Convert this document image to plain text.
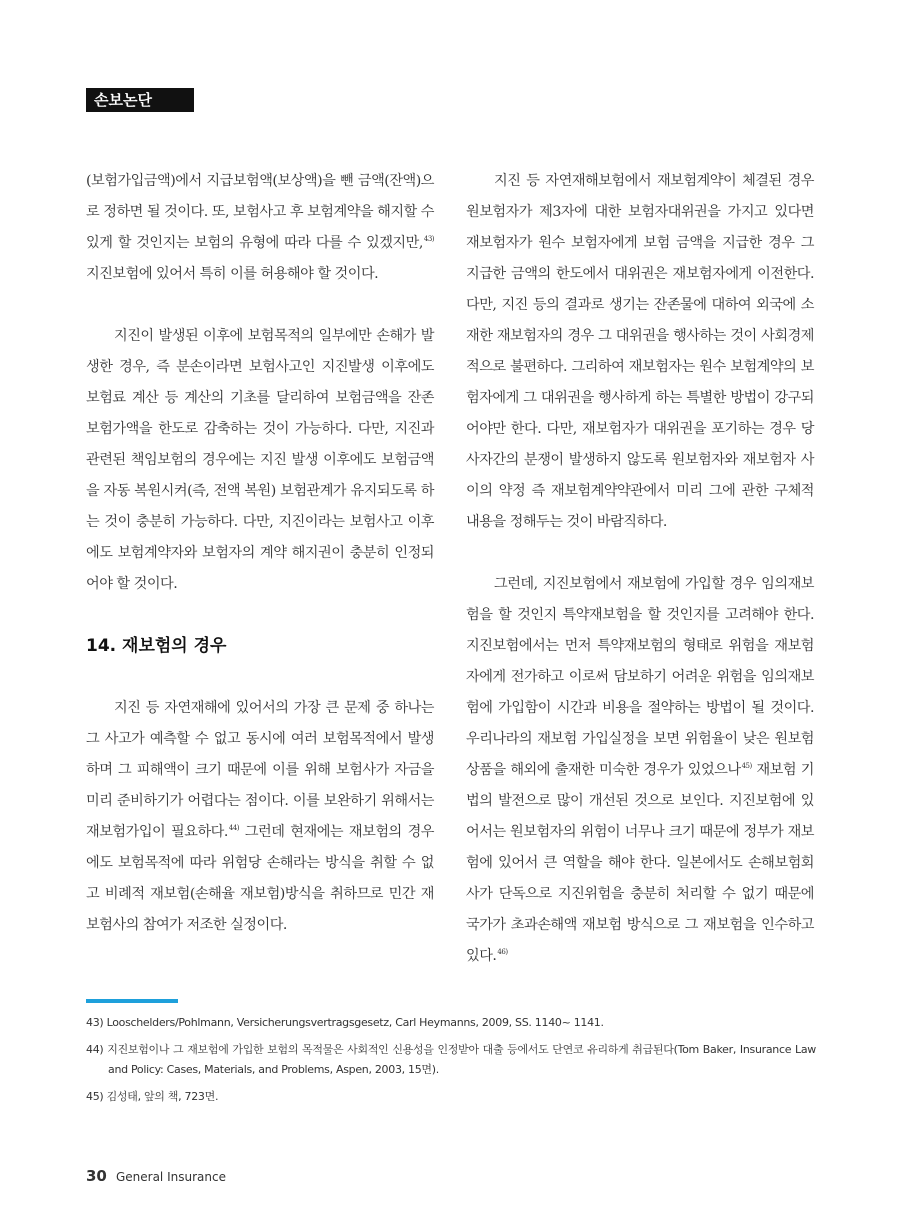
손보논단

(보험가입금액)에서 지급보험액(보상액)을 뺀 금액(잔액)으로 정하면 될 것이다. 또, 보험사고 후 보험계약을 해지할 수 있게 할 것인지는 보험의 유형에 따라 다를 수 있겠지만,$^{43)}$ 지진보험에 있어서 특히 이를 허용해야 할 것이다.

지진이 발생된 이후에 보험목적의 일부에만 손해가 발생한 경우, 즉 분손이라면 보험사고인 지진발생 이후에도 보험료 계산 등 계산의 기초를 달리하여 보험금액을 잔존 보험가액을 한도로 감축하는 것이 가능하다. 다만, 지진과 관련된 책임보험의 경우에는 지진 발생 이후에도 보험금액을 자동 복원시켜(즉, 전액 복원) 보험관계가 유지되도록 하는 것이 충분히 가능하다. 다만, 지진이라는 보험사고 이후에도 보험계약자와 보험자의 계약 해지권이 충분히 인정되어야 할 것이다.

14. 재보험의 경우

지진 등 자연재해에 있어서의 가장 큰 문제 중 하나는 그 사고가 예측할 수 없고 동시에 여러 보험목적에서 발생하며 그 피해액이 크기 때문에 이를 위해 보험사가 자금을 미리 준비하기가 어렵다는 점이다. 이를 보완하기 위해서는 재보험가입이 필요하다.$^{44)}$ 그런데 현재에는 재보험의 경우에도 보험목적에 따라 위험당 손해라는 방식을 취할 수 없고 비례적 재보험(손해율 재보험)방식을 취하므로 민간 재보험사의 참여가 저조한 실정이다.

지진 등 자연재해보험에서 재보험계약이 체결된 경우 원보험자가 제3자에 대한 보험자대위권을 가지고 있다면 재보험자가 원수 보험자에게 보험 금액을 지급한 경우 그 지급한 금액의 한도에서 대위권은 재보험자에게 이전한다. 다만, 지진 등의 결과로 생기는 잔존물에 대하여 외국에 소재한 재보험자의 경우 그 대위권을 행사하는 것이 사회경제적으로 불편하다. 그리하여 재보험자는 원수 보험계약의 보험자에게 그 대위권을 행사하게 하는 특별한 방법이 강구되어야만 한다. 다만, 재보험자가 대위권을 포기하는 경우 당사자간의 분쟁이 발생하지 않도록 원보험자와 재보험자 사이의 약정 즉 재보험계약약관에서 미리 그에 관한 구체적 내용을 정해두는 것이 바람직하다.

그런데, 지진보험에서 재보험에 가입할 경우 임의재보험을 할 것인지 특약재보험을 할 것인지를 고려해야 한다. 지진보험에서는 먼저 특약재보험의 형태로 위험을 재보험자에게 전가하고 이로써 담보하기 어려운 위험을 임의재보험에 가입함이 시간과 비용을 절약하는 방법이 될 것이다. 우리나라의 재보험 가입실정을 보면 위험율이 낮은 원보험상품을 해외에 출재한 미숙한 경우가 있었으나$^{45)}$ 재보험 기법의 발전으로 많이 개선된 것으로 보인다. 지진보험에 있어서는 원보험자의 위험이 너무나 크기 때문에 정부가 재보험에 있어서 큰 역할을 해야 한다. 일본에서도 손해보험회사가 단독으로 지진위험을 충분히 처리할 수 없기 때문에 국가가 초과손해액 재보험 방식으로 그 재보험을 인수하고 있다.$^{46)}$

43) Looschelders/Pohlmann, Versicherungsvertragsgesetz, Carl Heymanns, 2009, SS. 1140~ 1141.

44) 지진보험이나 그 재보험에 가입한 보험의 목적물은 사회적인 신용성을 인정받아 대출 등에서도 단연코 유리하게 취급된다(Tom Baker, Insurance Law and Policy: Cases, Materials, and Problems, Aspen, 2003, 15면).

45) 김성태, 앞의 책, 723면.

30 General Insurance
